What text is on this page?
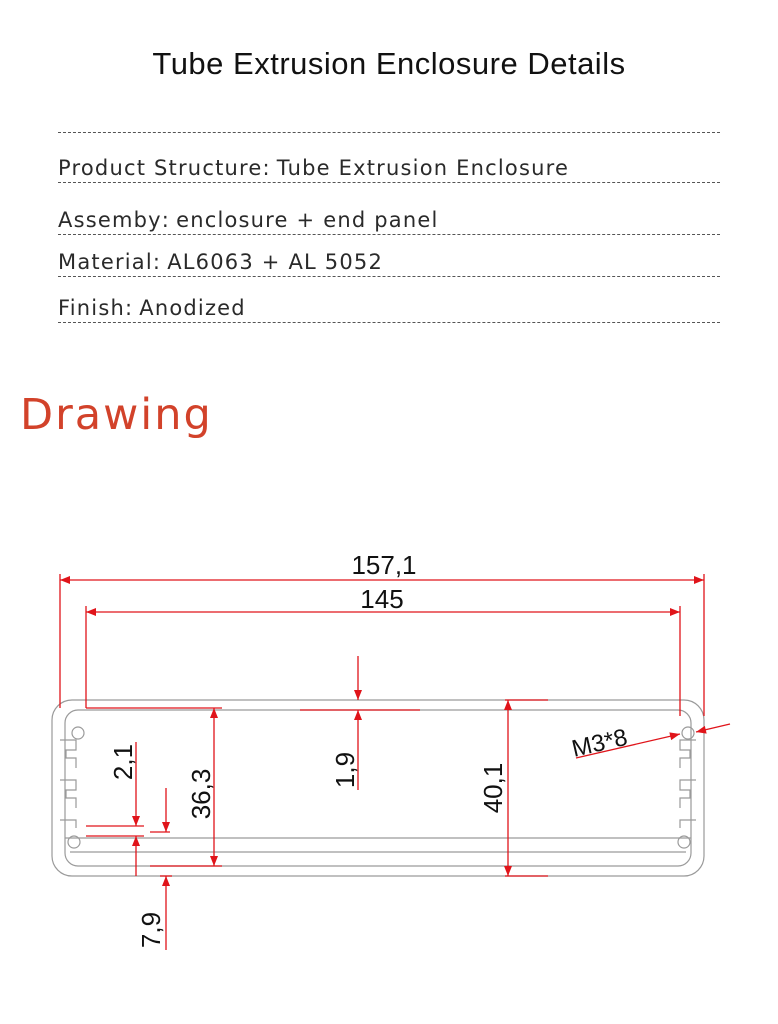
Tube Extrusion Enclosure Details
Product Structure : Tube Extrusion Enclosure
Assemby : enclosure + end panel
Material : AL6063 + AL 5052
Finish : Anodized
Drawing
157,1
145
1,9
2,1
36,3	40,1
7,9
M3*8
